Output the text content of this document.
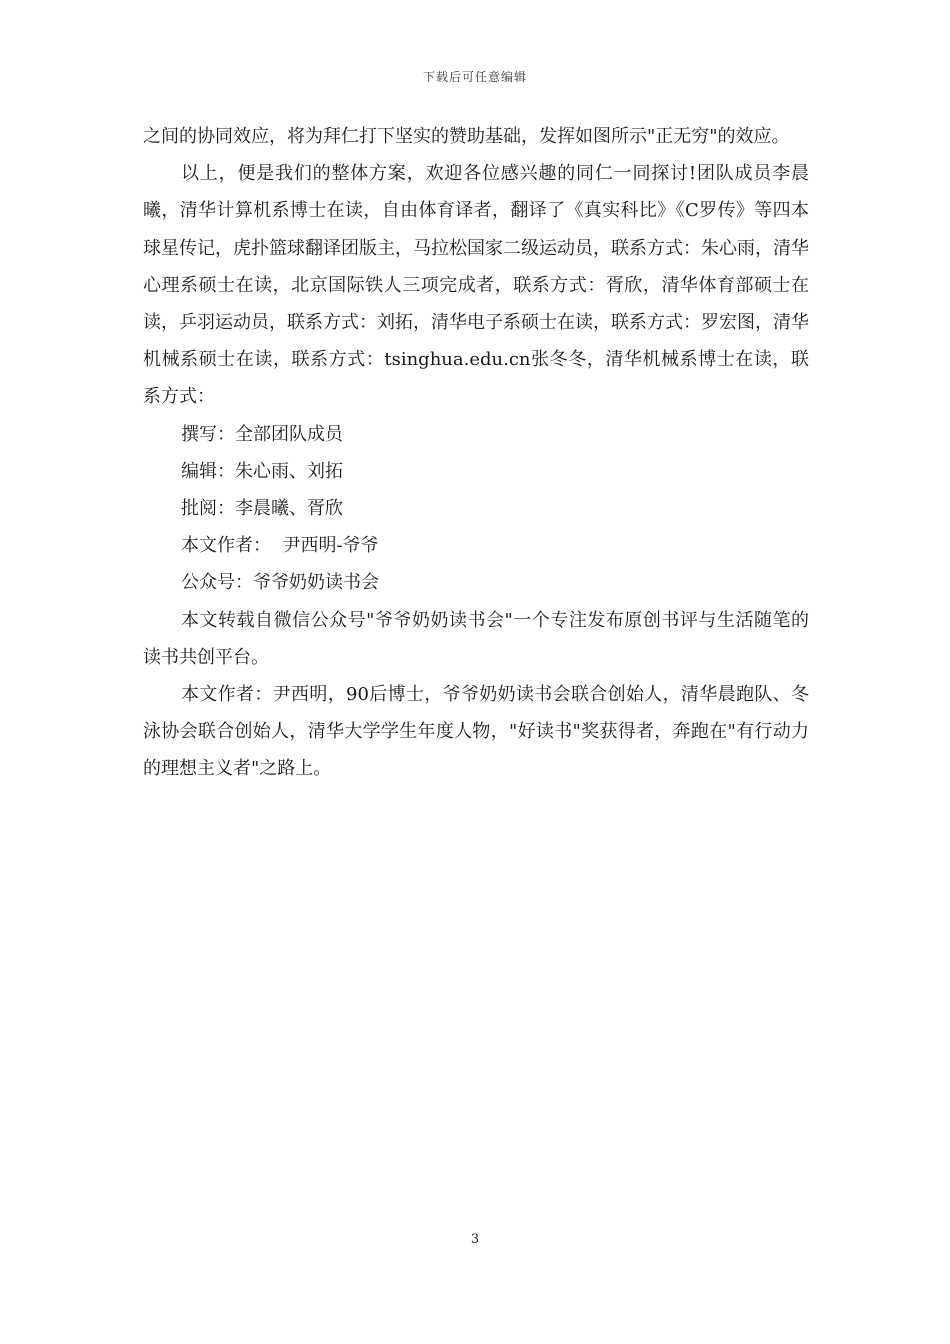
下载后可任意编辑

之间的协同效应，将为拜仁打下坚实的赞助基础，发挥如图所示"正无穷"的效应。

以上，便是我们的整体方案，欢迎各位感兴趣的同仁一同探讨!团队成员李晨曦，清华计算机系博士在读，自由体育译者，翻译了《真实科比》《C罗传》等四本球星传记，虎扑篮球翻译团版主，马拉松国家二级运动员，联系方式：朱心雨，清华心理系硕士在读，北京国际铁人三项完成者，联系方式：胥欣，清华体育部硕士在读，乒羽运动员，联系方式：刘拓，清华电子系硕士在读，联系方式：罗宏图，清华机械系硕士在读，联系方式：tsinghua.edu.cn张冬冬，清华机械系博士在读，联系方式：

撰写：全部团队成员

编辑：朱心雨、刘拓

批阅：李晨曦、胥欣

本文作者：  尹西明-爷爷

公众号：爷爷奶奶读书会

本文转载自微信公众号"爷爷奶奶读书会"一个专注发布原创书评与生活随笔的读书共创平台。

本文作者：尹西明，90后博士，爷爷奶奶读书会联合创始人，清华晨跑队、冬泳协会联合创始人，清华大学学生年度人物，"好读书"奖获得者，奔跑在"有行动力的理想主义者"之路上。

3
